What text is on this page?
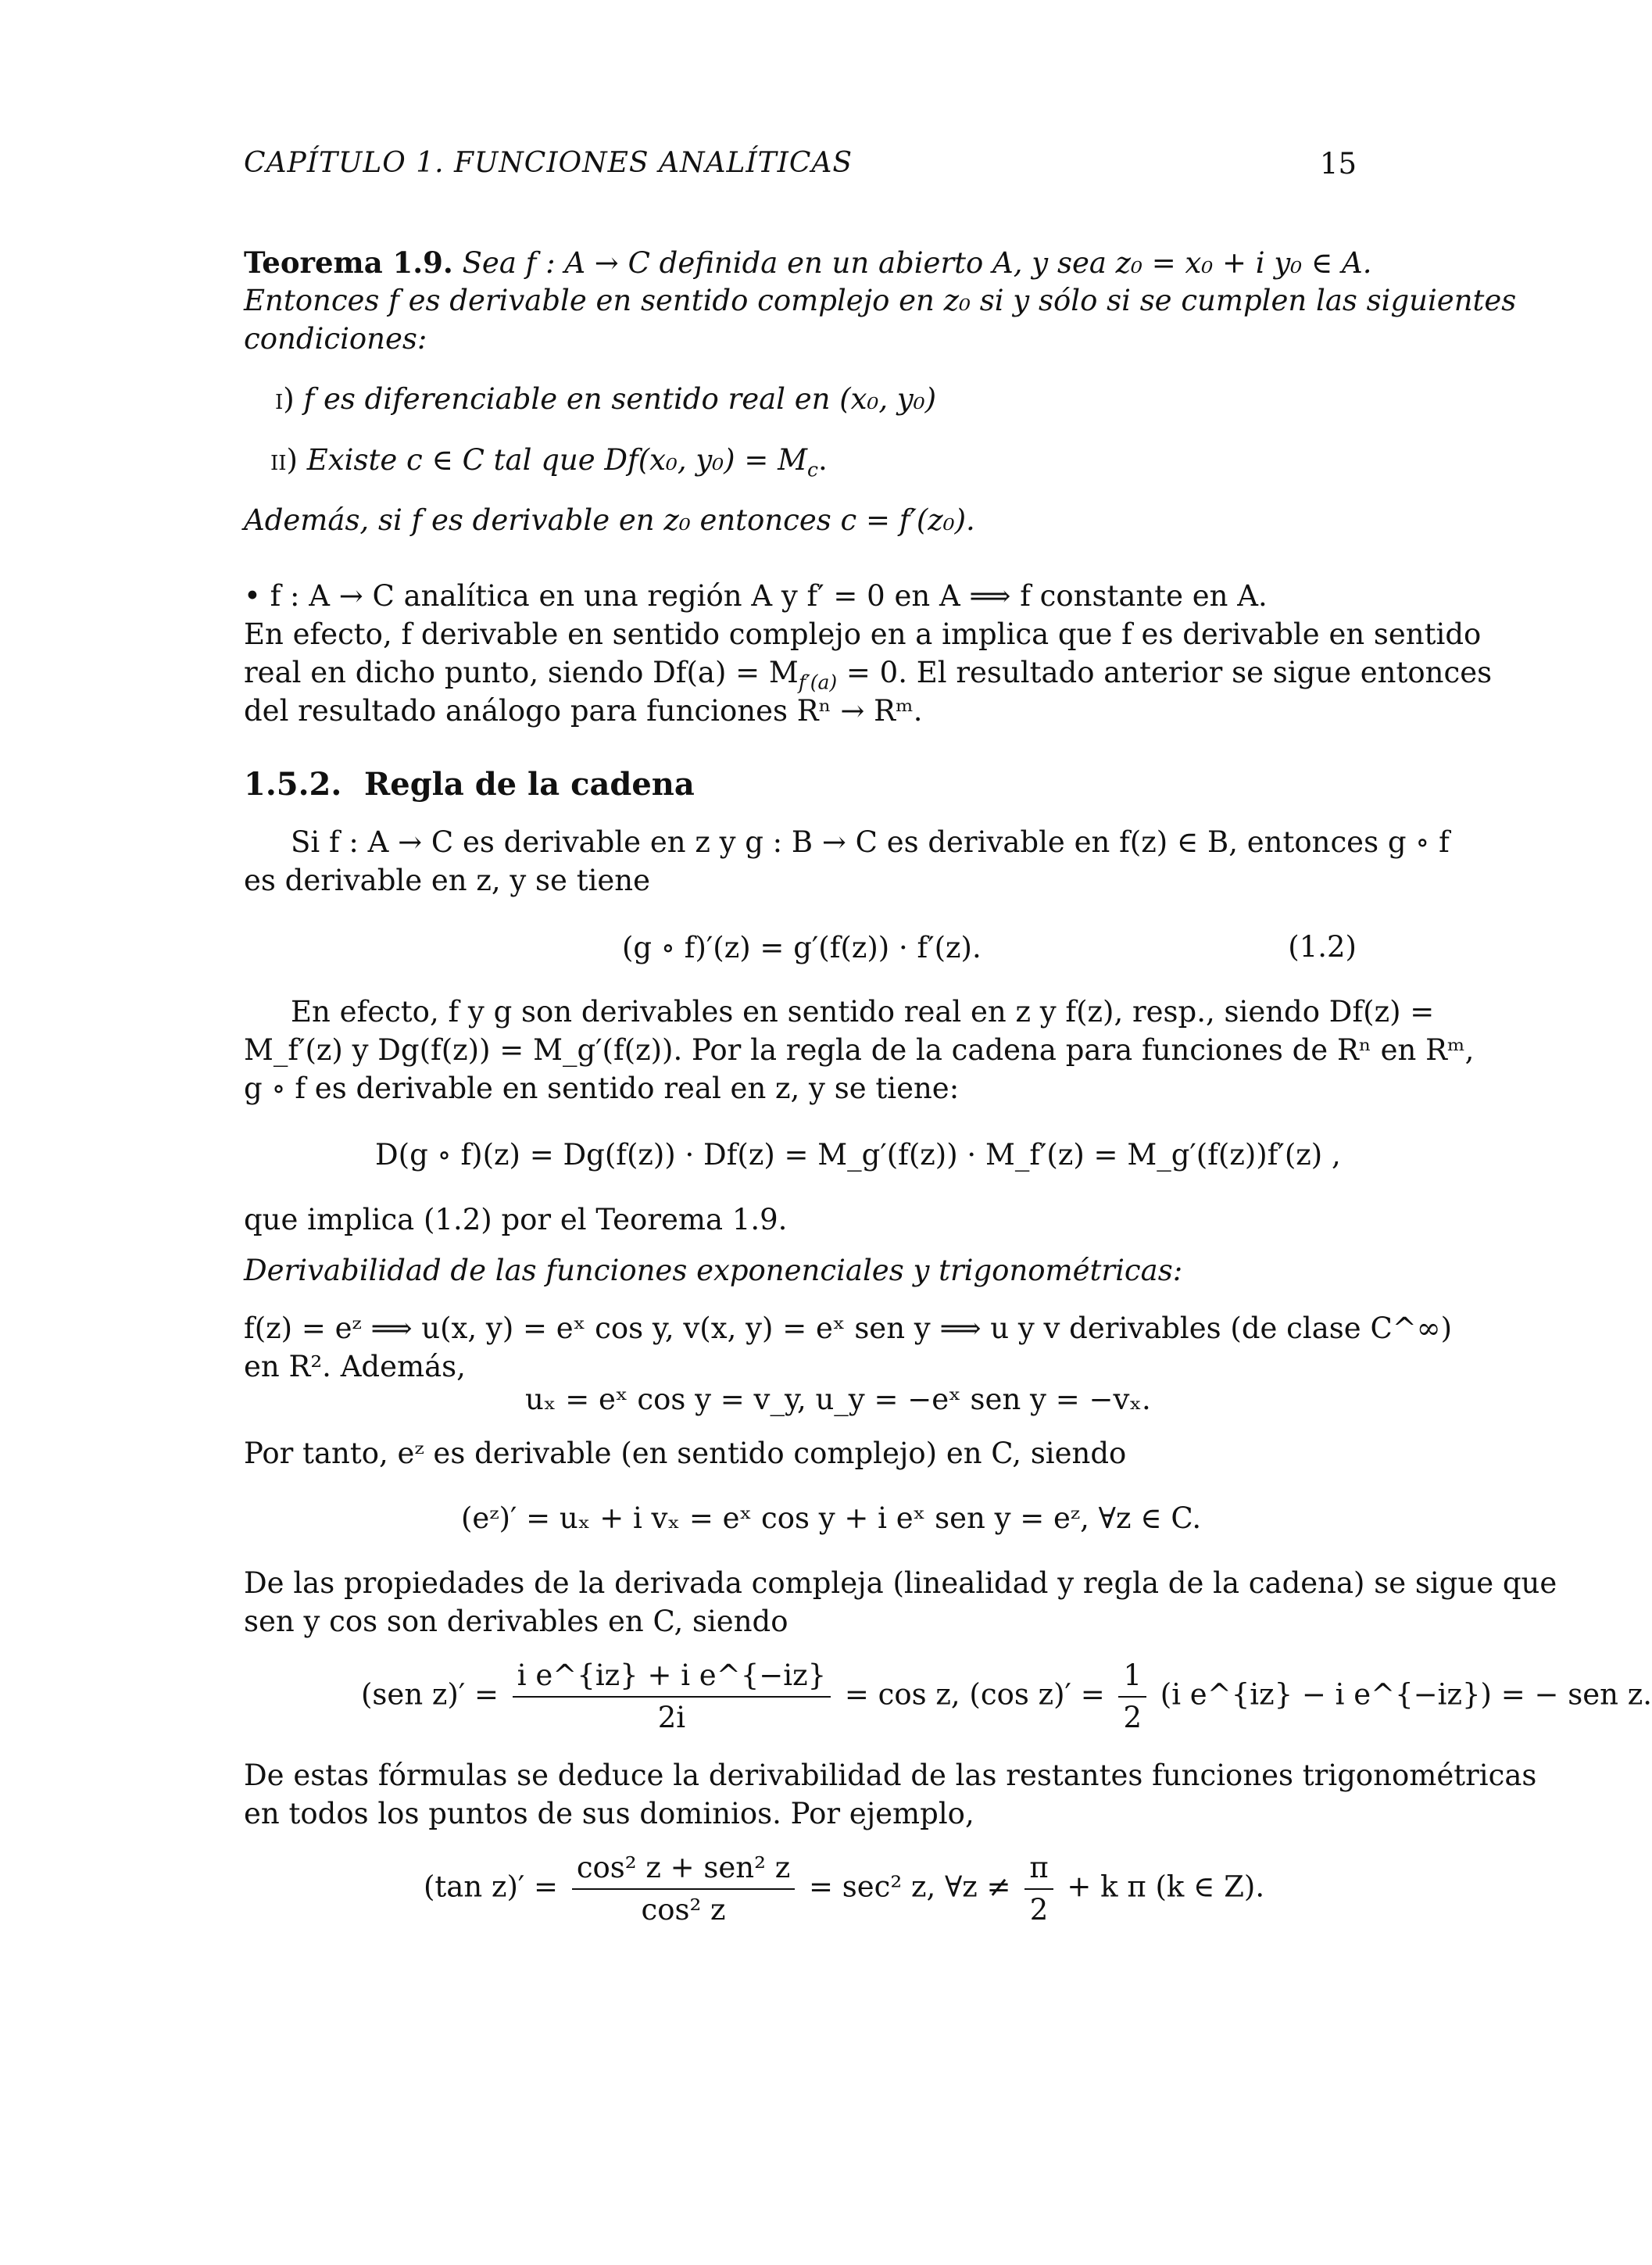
CAPÍTULO 1. FUNCIONES ANALÍTICAS	15
Teorema 1.9. Sea f : A → C definida en un abierto A, y sea z₀ = x₀ + i y₀ ∈ A.
Entonces f es derivable en sentido complejo en z₀ si y sólo si se cumplen las siguientes
condiciones:
i) f es diferenciable en sentido real en (x₀, y₀)
ii) Existe c ∈ C tal que Df(x₀, $y_0) = M_c$.
Además, si f es derivable en z₀ entonces c = f′(z₀).
• f : A → C analítica en una región A y f′ = 0 en A ⟹ f constante en A.
En efecto, f derivable en sentido complejo en a implica que f es derivable en sentido
real en dicho punto, siendo $Df(a) = M_{f'(a)} = 0$. El resultado anterior se sigue entonces
del resultado análogo para funciones Rⁿ → Rᵐ.
1.5.2. Regla de la cadena
Si f : A → C es derivable en z y g : B → C es derivable en f(z) ∈ B, entonces g ∘ f
es derivable en z, y se tiene
(g ∘ f)′(z) = g′(f(z)) · f′(z).	(1.2)
En efecto, f y g son derivables en sentido real en z y f(z), resp., siendo Df(z) =
M_f′(z) y Dg(f(z)) = M_g′(f(z)). Por la regla de la cadena para funciones de Rⁿ en Rᵐ,
g ∘ f es derivable en sentido real en z, y se tiene:
D(g ∘ f)(z) = Dg(f(z)) · Df(z) = M_g′(f(z)) · M_f′(z) = M_g′(f(z))f′(z) ,
que implica (1.2) por el Teorema 1.9.
Derivabilidad de las funciones exponenciales y trigonométricas:
f(z) = eᶻ ⟹ u(x, y) = eˣ cos y, v(x, y) = eˣ sen y ⟹ u y v derivables (de clase C^∞)
en R². Además,
uₓ = eˣ cos y = v_y, u_y = −eˣ sen y = −vₓ.
Por tanto, eᶻ es derivable (en sentido complejo) en C, siendo
(eᶻ)′ = uₓ + i vₓ = eˣ cos y + i eˣ sen y = eᶻ, ∀z ∈ C.
De las propiedades de la derivada compleja (linealidad y regla de la cadena) se sigue que
sen y cos son derivables en C, siendo
(sen $z)' = \frac{\text{i e\textasciicircum{}\{iz\} + i e\textasciicircum{}\{−iz\}}}{2i} = \cos z$, (cos $z)' = \frac{1}{2} (i$ e^{iz} − i e^{−iz}) = − sen z.
De estas fórmulas se deduce la derivabilidad de las restantes funciones trigonométricas
en todos los puntos de sus dominios. Por ejemplo,
(tan $z)' = \frac{\text{cos² z + sen² z}}{\text{cos² z}} = \sec^2$ z, ∀z ≠ $\frac{\pi}{2} + k$ π (k ∈ Z).
